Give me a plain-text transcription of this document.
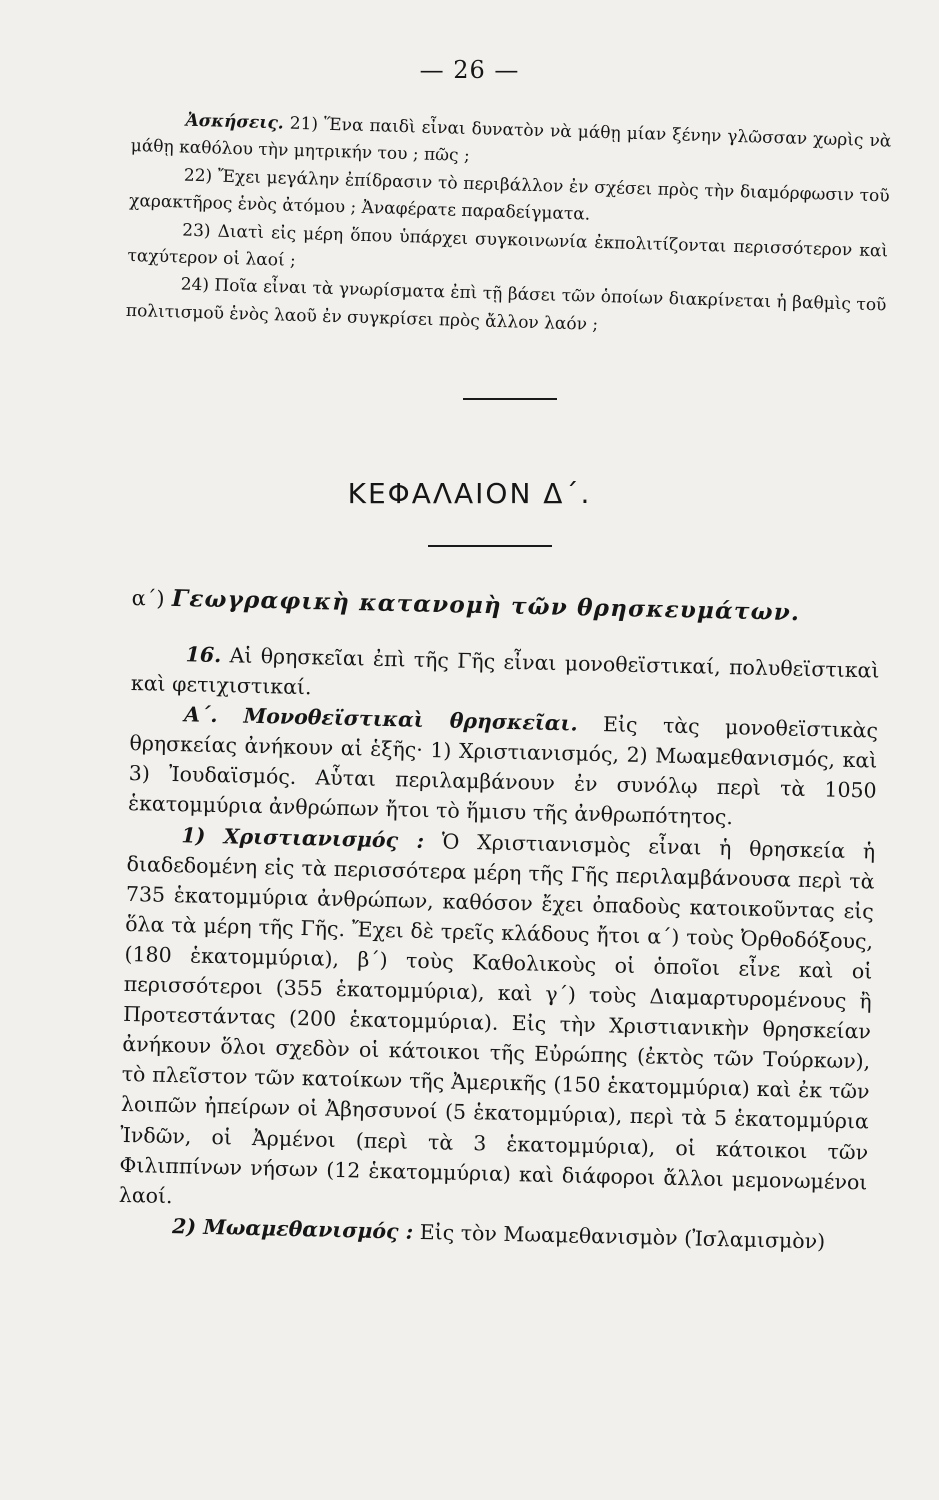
— 26 —

Ἀσκήσεις. 21) Ἕνα παιδὶ εἶναι δυνατὸν νὰ μάθῃ μίαν ξένην γλῶσσαν χωρὶς νὰ μάθῃ καθόλου τὴν μητρικήν του ; πῶς ;

22) Ἔχει μεγάλην ἐπίδρασιν τὸ περιβάλλον ἐν σχέσει πρὸς τὴν διαμόρφωσιν τοῦ χαρακτῆρος ἑνὸς ἀτόμου ; Ἀναφέρατε παραδείγματα.

23) Διατὶ εἰς μέρη ὅπου ὑπάρχει συγκοινωνία ἐκπολιτίζονται περισσότερον καὶ ταχύτερον οἱ λαοί ;

24) Ποῖα εἶναι τὰ γνωρίσματα ἐπὶ τῇ βάσει τῶν ὁποίων διακρίνεται ἡ βαθμὶς τοῦ πολιτισμοῦ ἑνὸς λαοῦ ἐν συγκρίσει πρὸς ἄλλον λαόν ;

ΚΕΦΑΛΑΙΟΝ Δ΄.
α΄) Γεωγραφικὴ κατανομὴ τῶν θρησκευμάτων.

16. Αἱ θρησκεῖαι ἐπὶ τῆς Γῆς εἶναι μονοθεϊστικαί, πολυθεϊστικαὶ καὶ φετιχιστικαί.

Α΄. Μονοθεϊστικαὶ θρησκεῖαι. Εἰς τὰς μονοθεϊστικὰς θρησκείας ἀνήκουν αἱ ἑξῆς· 1) Χριστιανισμός, 2) Μωαμεθανισμός, καὶ 3) Ἰουδαϊσμός. Αὗται περιλαμβάνουν ἐν συνόλῳ περὶ τὰ 1050 ἑκατομμύρια ἀνθρώπων ἤτοι τὸ ἥμισυ τῆς ἀνθρωπότητος.

1) Χριστιανισμός : Ὁ Χριστιανισμὸς εἶναι ἡ θρησκεία ἡ διαδεδομένη εἰς τὰ περισσότερα μέρη τῆς Γῆς περιλαμβάνουσα περὶ τὰ 735 ἑκατομμύρια ἀνθρώπων, καθόσον ἔχει ὀπαδοὺς κατοικοῦντας εἰς ὅλα τὰ μέρη τῆς Γῆς. Ἔχει δὲ τρεῖς κλάδους ἤτοι α΄) τοὺς Ὀρθοδόξους, (180 ἑκατομμύρια), β΄) τοὺς Καθολικοὺς οἱ ὁποῖοι εἶνε καὶ οἱ περισσότεροι (355 ἑκατομμύρια), καὶ γ΄) τοὺς Διαμαρτυρομένους ἢ Προτεστάντας (200 ἑκατομμύρια). Εἰς τὴν Χριστιανικὴν θρησκείαν ἀνήκουν ὅλοι σχεδὸν οἱ κάτοικοι τῆς Εὐρώπης (ἐκτὸς τῶν Τούρκων), τὸ πλεῖστον τῶν κατοίκων τῆς Ἀμερικῆς (150 ἑκατομμύρια) καὶ ἐκ τῶν λοιπῶν ἠπείρων οἱ Ἀβησσυνοί (5 ἑκατομμύρια), περὶ τὰ 5 ἑκατομμύρια Ἰνδῶν, οἱ Ἀρμένοι (περὶ τὰ 3 ἑκατομμύρια), οἱ κάτοικοι τῶν Φιλιππίνων νήσων (12 ἑκατομμύρια) καὶ διάφοροι ἄλλοι μεμονωμένοι λαοί.

2) Μωαμεθανισμός : Εἰς τὸν Μωαμεθανισμὸν (Ἰσλαμισμὸν)
